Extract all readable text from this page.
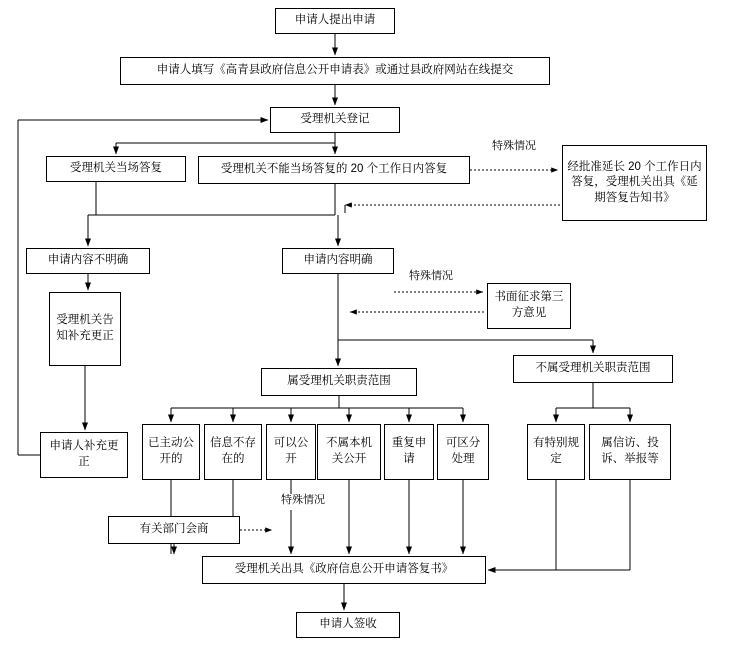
申请人提出申请
申请人填写《高青县政府信息公开申请表》或通过县政府网站在线提交
受理机关登记
受理机关当场答复	受理机关不能当场答复的 20 个工作日内答复	经批准延长 20 个工作日内答复，受理机关出具《延期答复告知书》
申请内容不明确	申请内容明确
书面征求第三方意见
受理机关告知补充更正
申请人补充更正
属受理机关职责范围
不属受理机关职责范围
已主动公开的
信息不存在的
可以公开
不属本机关公开
重复申请
可区分处理
有特别规定
属信访、投诉、举报等
有关部门会商
受理机关出具《政府信息公开申请答复书》
申请人签收
特殊情况
特殊情况
特殊情况
